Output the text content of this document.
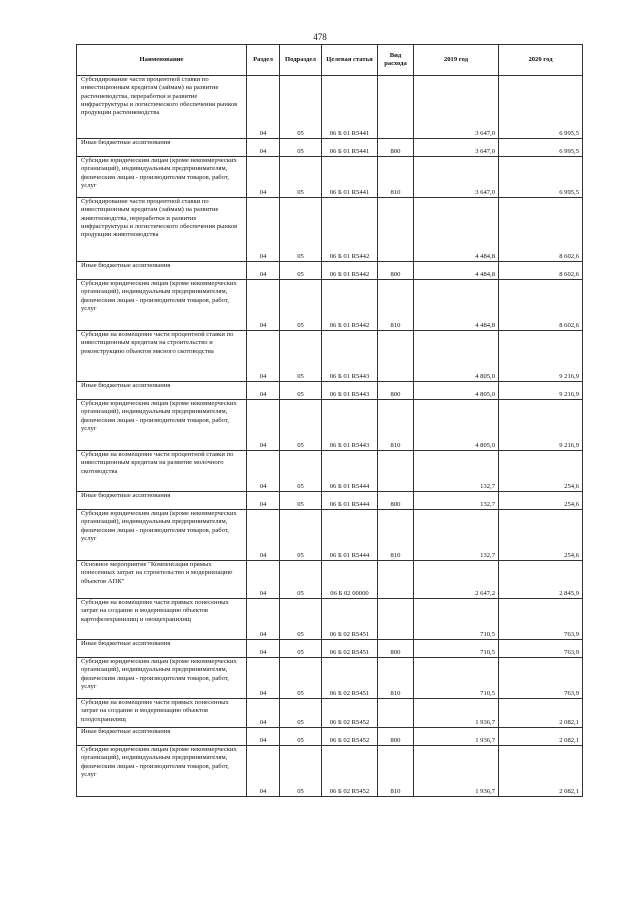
478
Наименование	Раздел	Подраздел	Целевая статья	Вид расхода	2019 год	2020 год
Субсидирование части процентной ставки по инвестиционным кредитам (займам) на развитие растениеводства, переработки и развитие инфраструктуры и логистического обеспечения рынков продукции растениеводства	04	05	06 Б 01 R5441		3 647,0	6 995,5
Иные бюджетные ассигнования	04	05	06 Б 01 R5441	800	3 647,0	6 995,5
Субсидии юридическим лицам (кроме некоммерческих организаций), индивидуальным предпринимателям, физическим лицам - производителям товаров, работ, услуг	04	05	06 Б 01 R5441	810	3 647,0	6 995,5
Субсидирование части процентной ставки по инвестиционным кредитам (займам) на развитие животноводства, переработки и развитие инфраструктуры и логистического обеспечения рынков продукции животноводства	04	05	06 Б 01 R5442		4 484,8	8 602,6
Иные бюджетные ассигнования	04	05	06 Б 01 R5442	800	4 484,8	8 602,6
Субсидии юридическим лицам (кроме некоммерческих организаций), индивидуальным предпринимателям, физическим лицам - производителям товаров, работ, услуг	04	05	06 Б 01 R5442	810	4 484,8	8 602,6
Субсидии на возмещение части процентной ставки по инвестиционным кредитам на строительство и реконструкцию объектов мясного скотоводства	04	05	06 Б 01 R5443		4 805,0	9 216,9
Иные бюджетные ассигнования	04	05	06 Б 01 R5443	800	4 805,0	9 216,9
Субсидии юридическим лицам (кроме некоммерческих организаций), индивидуальным предпринимателям, физическим лицам - производителям товаров, работ, услуг	04	05	06 Б 01 R5443	810	4 805,0	9 216,9
Субсидии на возмещение части процентной ставки по инвестиционным кредитам на развитие молочного скотоводства	04	05	06 Б 01 R5444		132,7	254,6
Иные бюджетные ассигнования	04	05	06 Б 01 R5444	800	132,7	254,6
Субсидии юридическим лицам (кроме некоммерческих организаций), индивидуальным предпринимателям, физическим лицам - производителям товаров, работ, услуг	04	05	06 Б 01 R5444	810	132,7	254,6
Основное мероприятие "Компенсация прямых понесенных затрат на строительство и модернизацию объектов АПК"	04	05	06 Б 02 00000		2 647,2	2 845,9
Субсидии на возмещение части прямых понесенных затрат на создание и модернизацию объектов картофелехранилищ и овощехранилищ	04	05	06 Б 02 R5451		710,5	763,9
Иные бюджетные ассигнования	04	05	06 Б 02 R5451	800	710,5	763,9
Субсидии юридическим лицам (кроме некоммерческих организаций), индивидуальным предпринимателям, физическим лицам - производителям товаров, работ, услуг	04	05	06 Б 02 R5451	810	710,5	763,9
Субсидии на возмещение части прямых понесенных затрат на создание и модернизацию объектов плодохранилищ	04	05	06 Б 02 R5452		1 936,7	2 082,1
Иные бюджетные ассигнования	04	05	06 Б 02 R5452	800	1 936,7	2 082,1
Субсидии юридическим лицам (кроме некоммерческих организаций), индивидуальным предпринимателям, физическим лицам - производителям товаров, работ, услуг	04	05	06 Б 02 R5452	810	1 936,7	2 082,1
